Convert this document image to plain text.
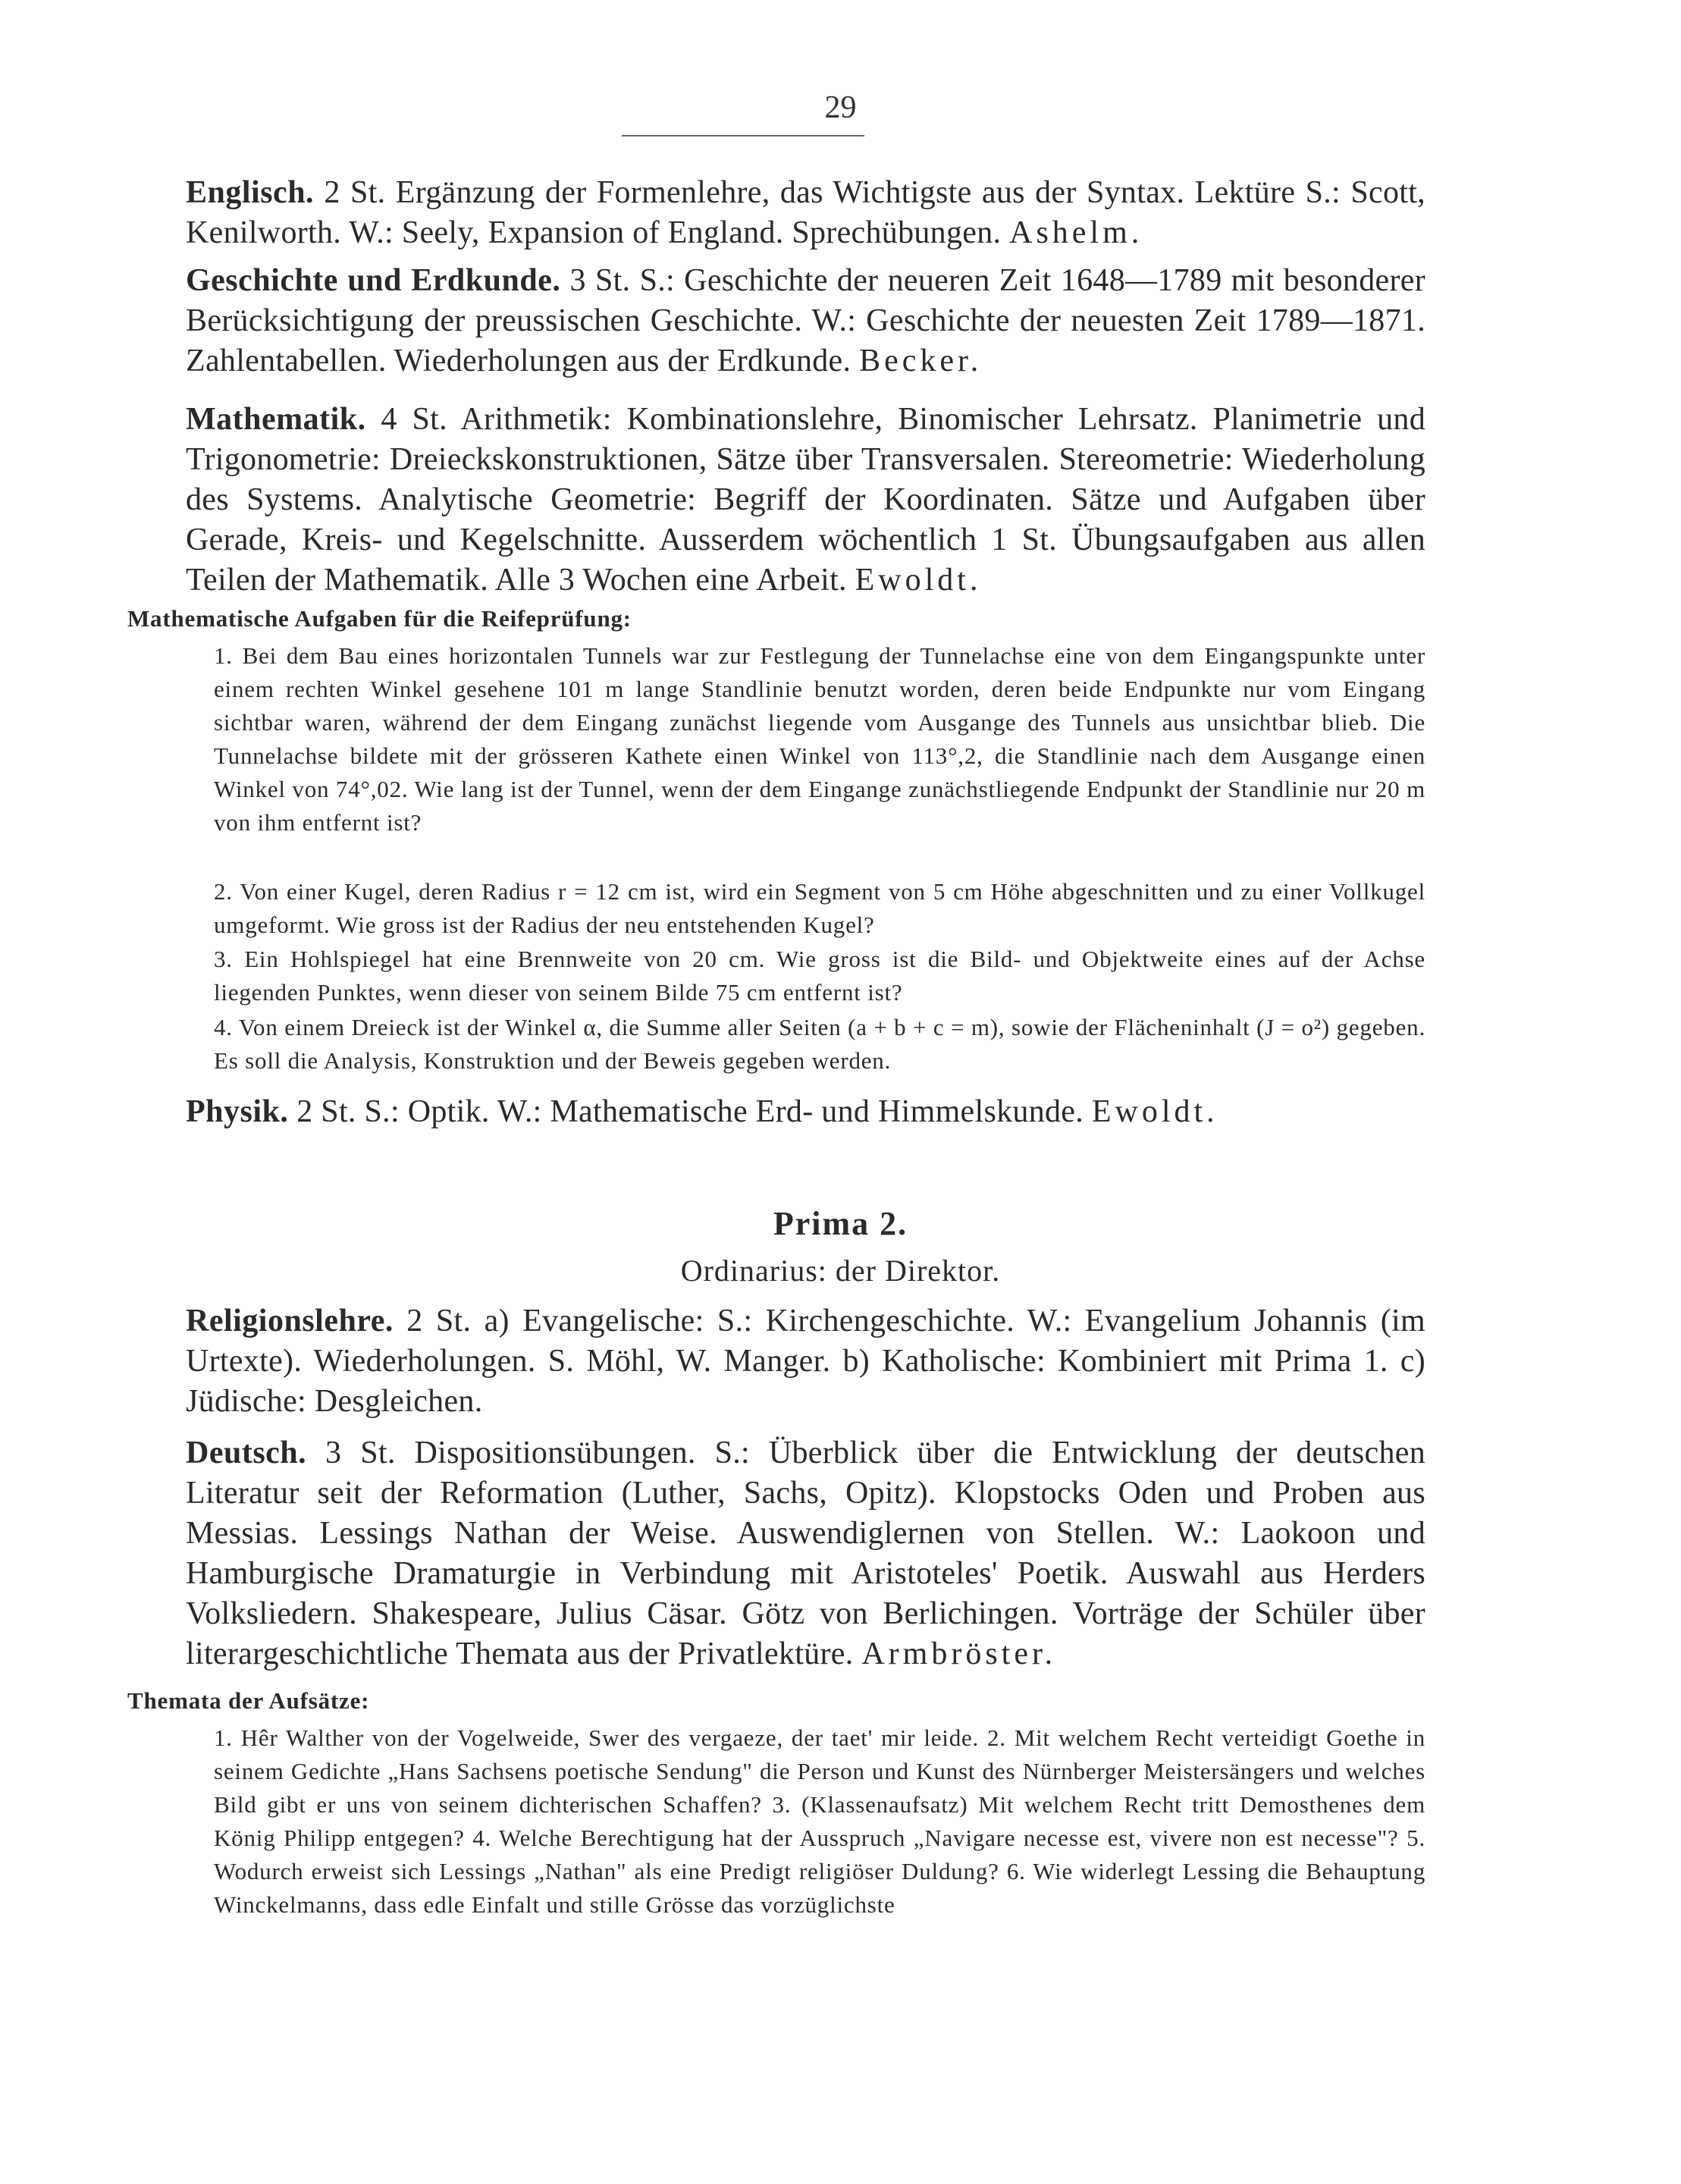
29

Englisch. 2 St. Ergänzung der Formenlehre, das Wichtigste aus der Syntax. Lektüre S.: Scott, Kenilworth. W.: Seely, Expansion of England. Sprechübungen. Ashelm.

Geschichte und Erdkunde. 3 St. S.: Geschichte der neueren Zeit 1648—1789 mit besonderer Berücksichtigung der preussischen Geschichte. W.: Geschichte der neuesten Zeit 1789—1871. Zahlentabellen. Wiederholungen aus der Erdkunde. Becker.

Mathematik. 4 St. Arithmetik: Kombinationslehre, Binomischer Lehrsatz. Planimetrie und Trigonometrie: Dreieckskonstruktionen, Sätze über Transversalen. Stereometrie: Wiederholung des Systems. Analytische Geometrie: Begriff der Koordinaten. Sätze und Aufgaben über Gerade, Kreis- und Kegelschnitte. Ausserdem wöchentlich 1 St. Übungsaufgaben aus allen Teilen der Mathematik. Alle 3 Wochen eine Arbeit. Ewoldt.

Mathematische Aufgaben für die Reifeprüfung:

1. Bei dem Bau eines horizontalen Tunnels war zur Festlegung der Tunnelachse eine von dem Eingangspunkte unter einem rechten Winkel gesehene 101 m lange Standlinie benutzt worden, deren beide Endpunkte nur vom Eingang sichtbar waren, während der dem Eingang zunächst liegende vom Ausgange des Tunnels aus unsichtbar blieb. Die Tunnelachse bildete mit der grösseren Kathete einen Winkel von 113°,2, die Standlinie nach dem Ausgange einen Winkel von 74°,02. Wie lang ist der Tunnel, wenn der dem Eingange zunächstliegende Endpunkt der Standlinie nur 20 m von ihm entfernt ist?

2. Von einer Kugel, deren Radius r = 12 cm ist, wird ein Segment von 5 cm Höhe abgeschnitten und zu einer Vollkugel umgeformt. Wie gross ist der Radius der neu entstehenden Kugel?

3. Ein Hohlspiegel hat eine Brennweite von 20 cm. Wie gross ist die Bild- und Objektweite eines auf der Achse liegenden Punktes, wenn dieser von seinem Bilde 75 cm entfernt ist?

4. Von einem Dreieck ist der Winkel α, die Summe aller Seiten (a + b + c = m), sowie der Flächeninhalt (J = o²) gegeben. Es soll die Analysis, Konstruktion und der Beweis gegeben werden.

Physik. 2 St. S.: Optik. W.: Mathematische Erd- und Himmelskunde. Ewoldt.

Prima 2.

Ordinarius: der Direktor.

Religionslehre. 2 St. a) Evangelische: S.: Kirchengeschichte. W.: Evangelium Johannis (im Urtexte). Wiederholungen. S. Möhl, W. Manger. b) Katholische: Kombiniert mit Prima 1. c) Jüdische: Desgleichen.

Deutsch. 3 St. Dispositionsübungen. S.: Überblick über die Entwicklung der deutschen Literatur seit der Reformation (Luther, Sachs, Opitz). Klopstocks Oden und Proben aus Messias. Lessings Nathan der Weise. Auswendiglernen von Stellen. W.: Laokoon und Hamburgische Dramaturgie in Verbindung mit Aristoteles' Poetik. Auswahl aus Herders Volksliedern. Shakespeare, Julius Cäsar. Götz von Berlichingen. Vorträge der Schüler über literargeschichtliche Themata aus der Privatlektüre. Armbröster.

Themata der Aufsätze:

1. Hêr Walther von der Vogelweide, Swer des vergaeze, der taet' mir leide. 2. Mit welchem Recht verteidigt Goethe in seinem Gedichte „Hans Sachsens poetische Sendung" die Person und Kunst des Nürnberger Meistersängers und welches Bild gibt er uns von seinem dichterischen Schaffen? 3. (Klassenaufsatz) Mit welchem Recht tritt Demosthenes dem König Philipp entgegen? 4. Welche Berechtigung hat der Ausspruch „Navigare necesse est, vivere non est necesse"? 5. Wodurch erweist sich Lessings „Nathan" als eine Predigt religiöser Duldung? 6. Wie widerlegt Lessing die Behauptung Winckelmanns, dass edle Einfalt und stille Grösse das vorzüglichste
